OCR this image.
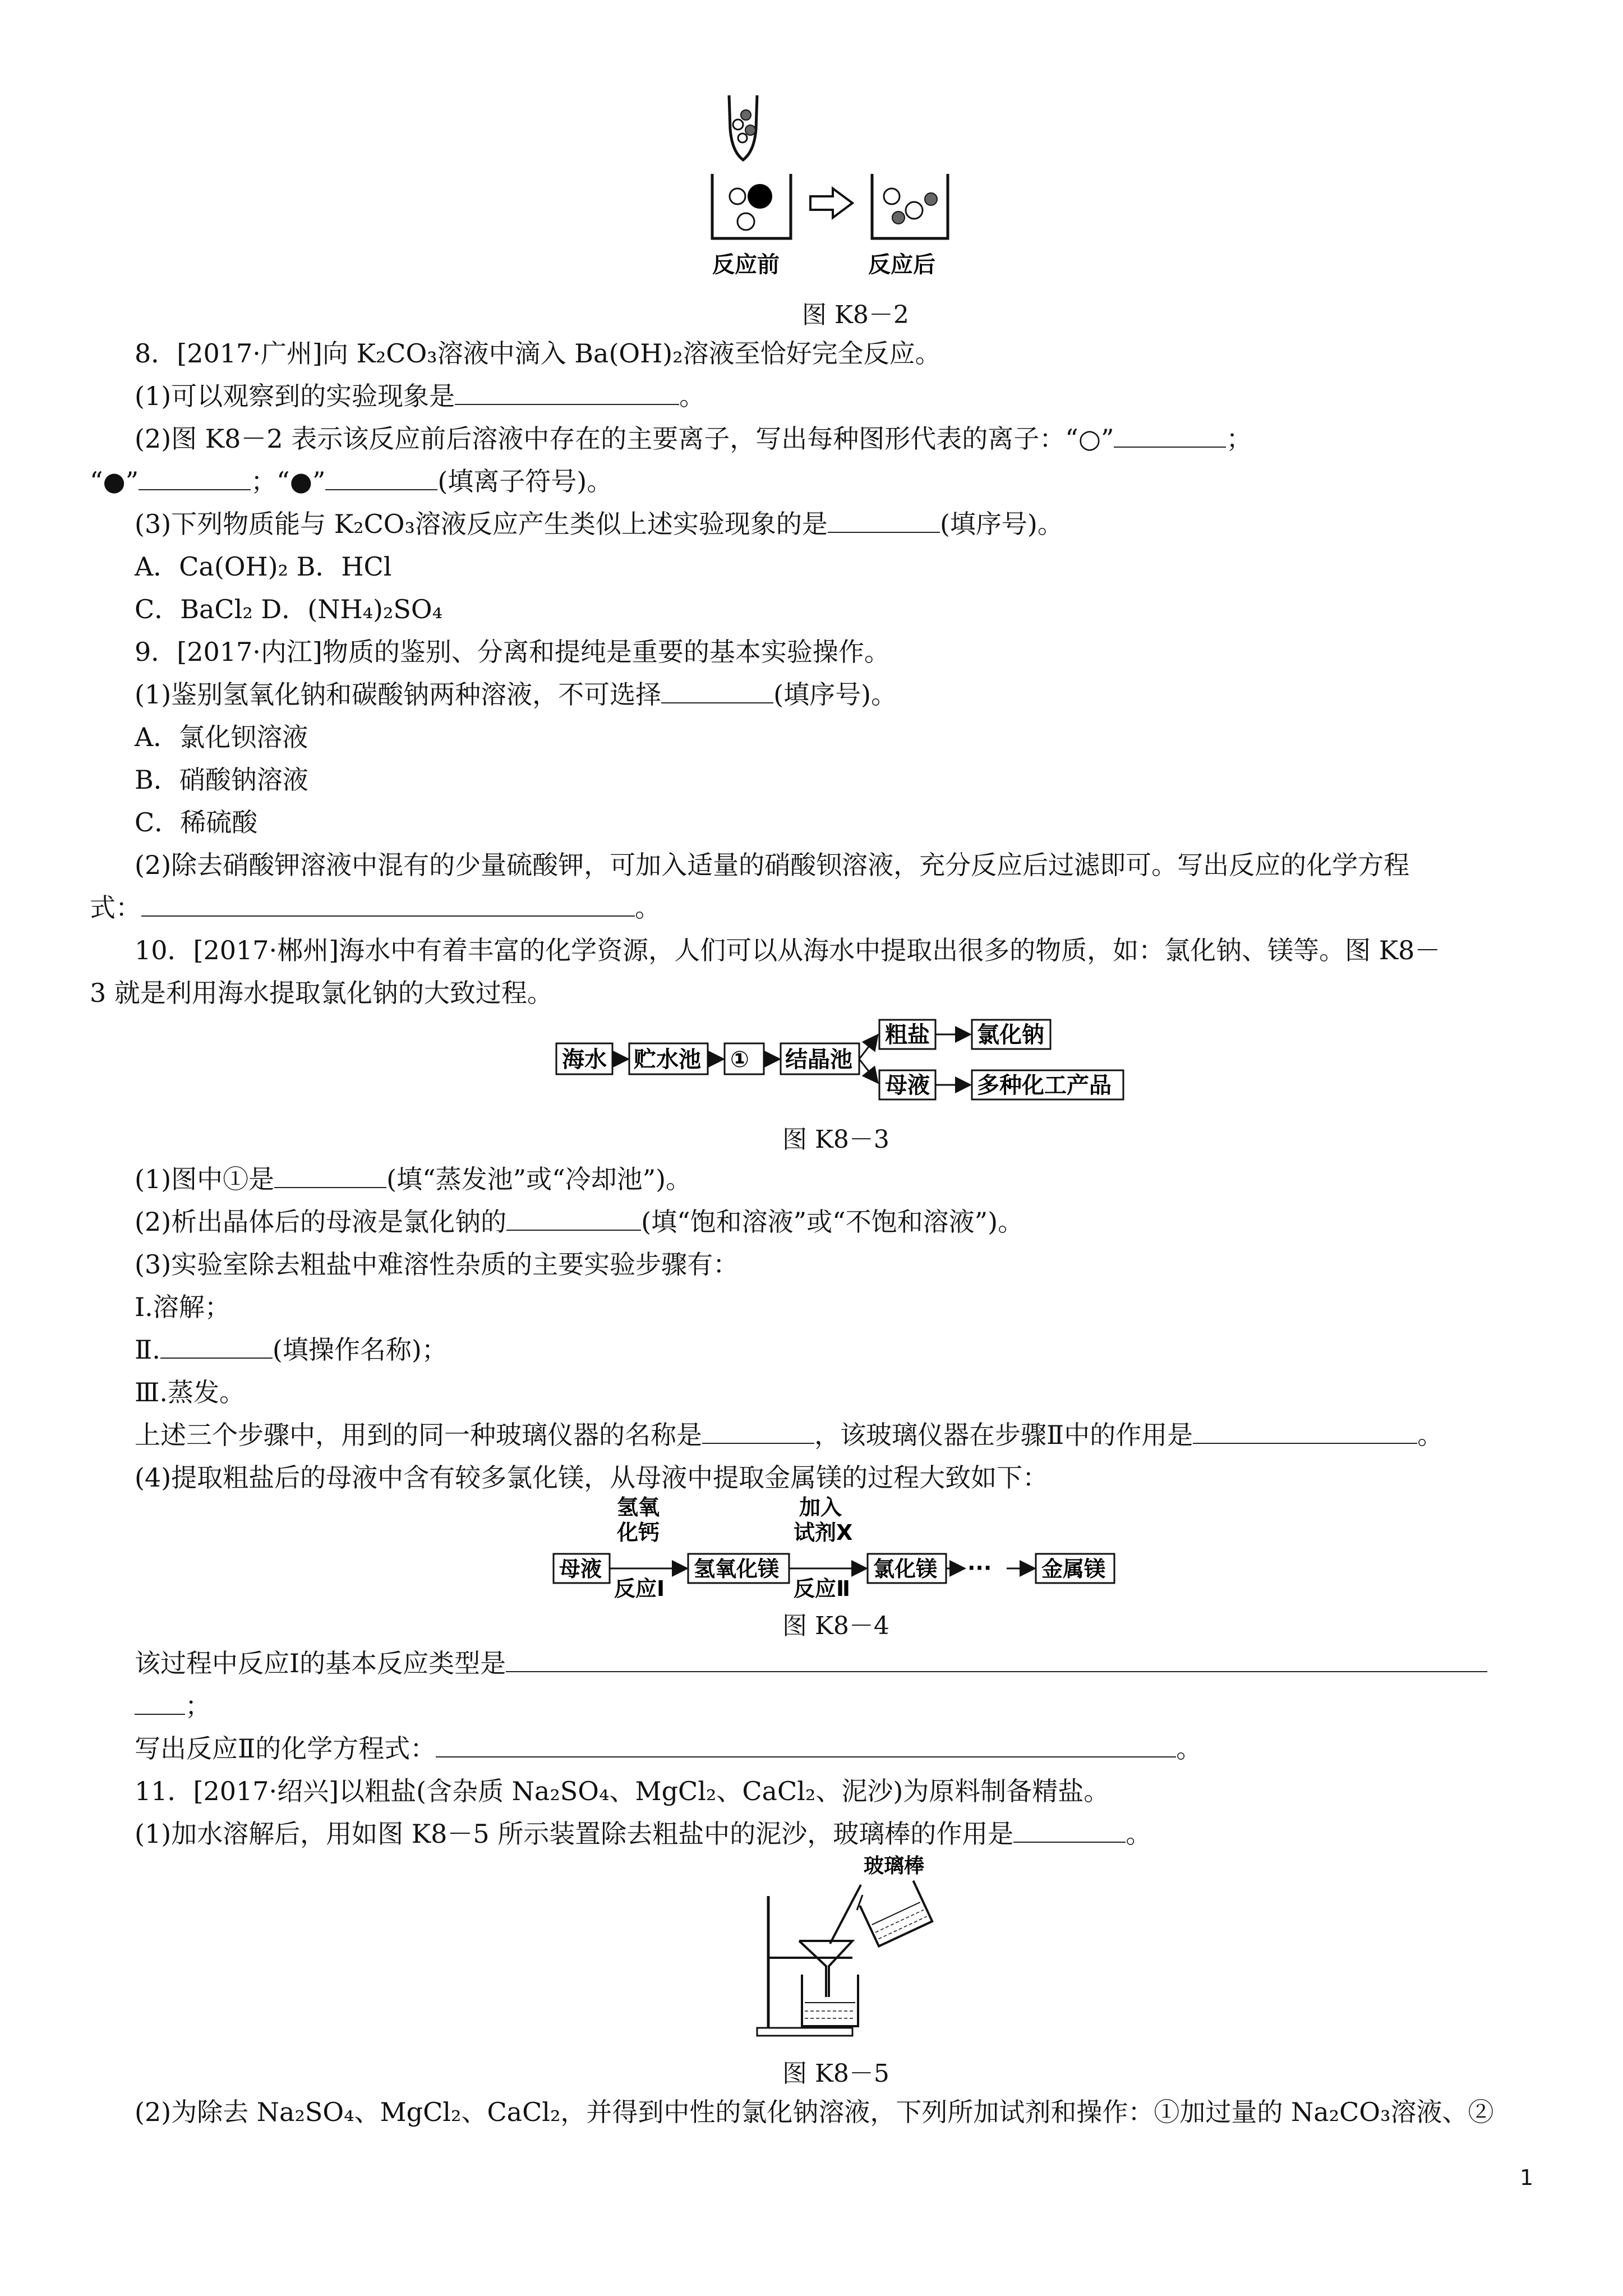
反应前	反应后
图 K8－2
8．[2017·广州]向 K₂CO₃溶液中滴入 Ba(OH)₂溶液至恰好完全反应。
(1)可以观察到的实验现象是	。
(2)图 K8－2 表示该反应前后溶液中存在的主要离子，写出每种图形代表的离子：“○”	；
“●”	；“●”	(填离子符号)。
(3)下列物质能与 K₂CO₃溶液反应产生类似上述实验现象的是	(填序号)。
A．Ca(OH)₂ B．HCl
C．BaCl₂ D．(NH₄)₂SO₄
9．[2017·内江]物质的鉴别、分离和提纯是重要的基本实验操作。
(1)鉴别氢氧化钠和碳酸钠两种溶液，不可选择	(填序号)。
A．氯化钡溶液
B．硝酸钠溶液
C．稀硫酸
(2)除去硝酸钾溶液中混有的少量硫酸钾，可加入适量的硝酸钡溶液，充分反应后过滤即可。写出反应的化学方程
式：	。
10．[2017·郴州]海水中有着丰富的化学资源，人们可以从海水中提取出很多的物质，如：氯化钠、镁等。图 K8－
3 就是利用海水提取氯化钠的大致过程。
海水 贮水池 ① 结晶池
粗盐
母液
氯化钠
多种化工产品
图 K8－3
(1)图中①是	(填“蒸发池”或“冷却池”)。
(2)析出晶体后的母液是氯化钠的	(填“饱和溶液”或“不饱和溶液”)。
(3)实验室除去粗盐中难溶性杂质的主要实验步骤有：
Ⅰ.溶解；
Ⅱ.	(填操作名称)；
Ⅲ.蒸发。
上述三个步骤中，用到的同一种玻璃仪器的名称是	，该玻璃仪器在步骤Ⅱ中的作用是	。
(4)提取粗盐后的母液中含有较多氯化镁，从母液中提取金属镁的过程大致如下：
母液
氢氧
化钙
反应Ⅰ
氢氧化镁
加入
试剂X
反应Ⅱ
氯化镁 ··· 金属镁
图 K8－4
该过程中反应Ⅰ的基本反应类型是
；
写出反应Ⅱ的化学方程式：	。
11．[2017·绍兴]以粗盐(含杂质 Na₂SO₄、MgCl₂、CaCl₂、泥沙)为原料制备精盐。
(1)加水溶解后，用如图 K8－5 所示装置除去粗盐中的泥沙，玻璃棒的作用是	。
玻璃棒
图 K8－5
(2)为除去 Na₂SO₄、MgCl₂、CaCl₂，并得到中性的氯化钠溶液，下列所加试剂和操作：①加过量的 Na₂CO₃溶液、②
1
